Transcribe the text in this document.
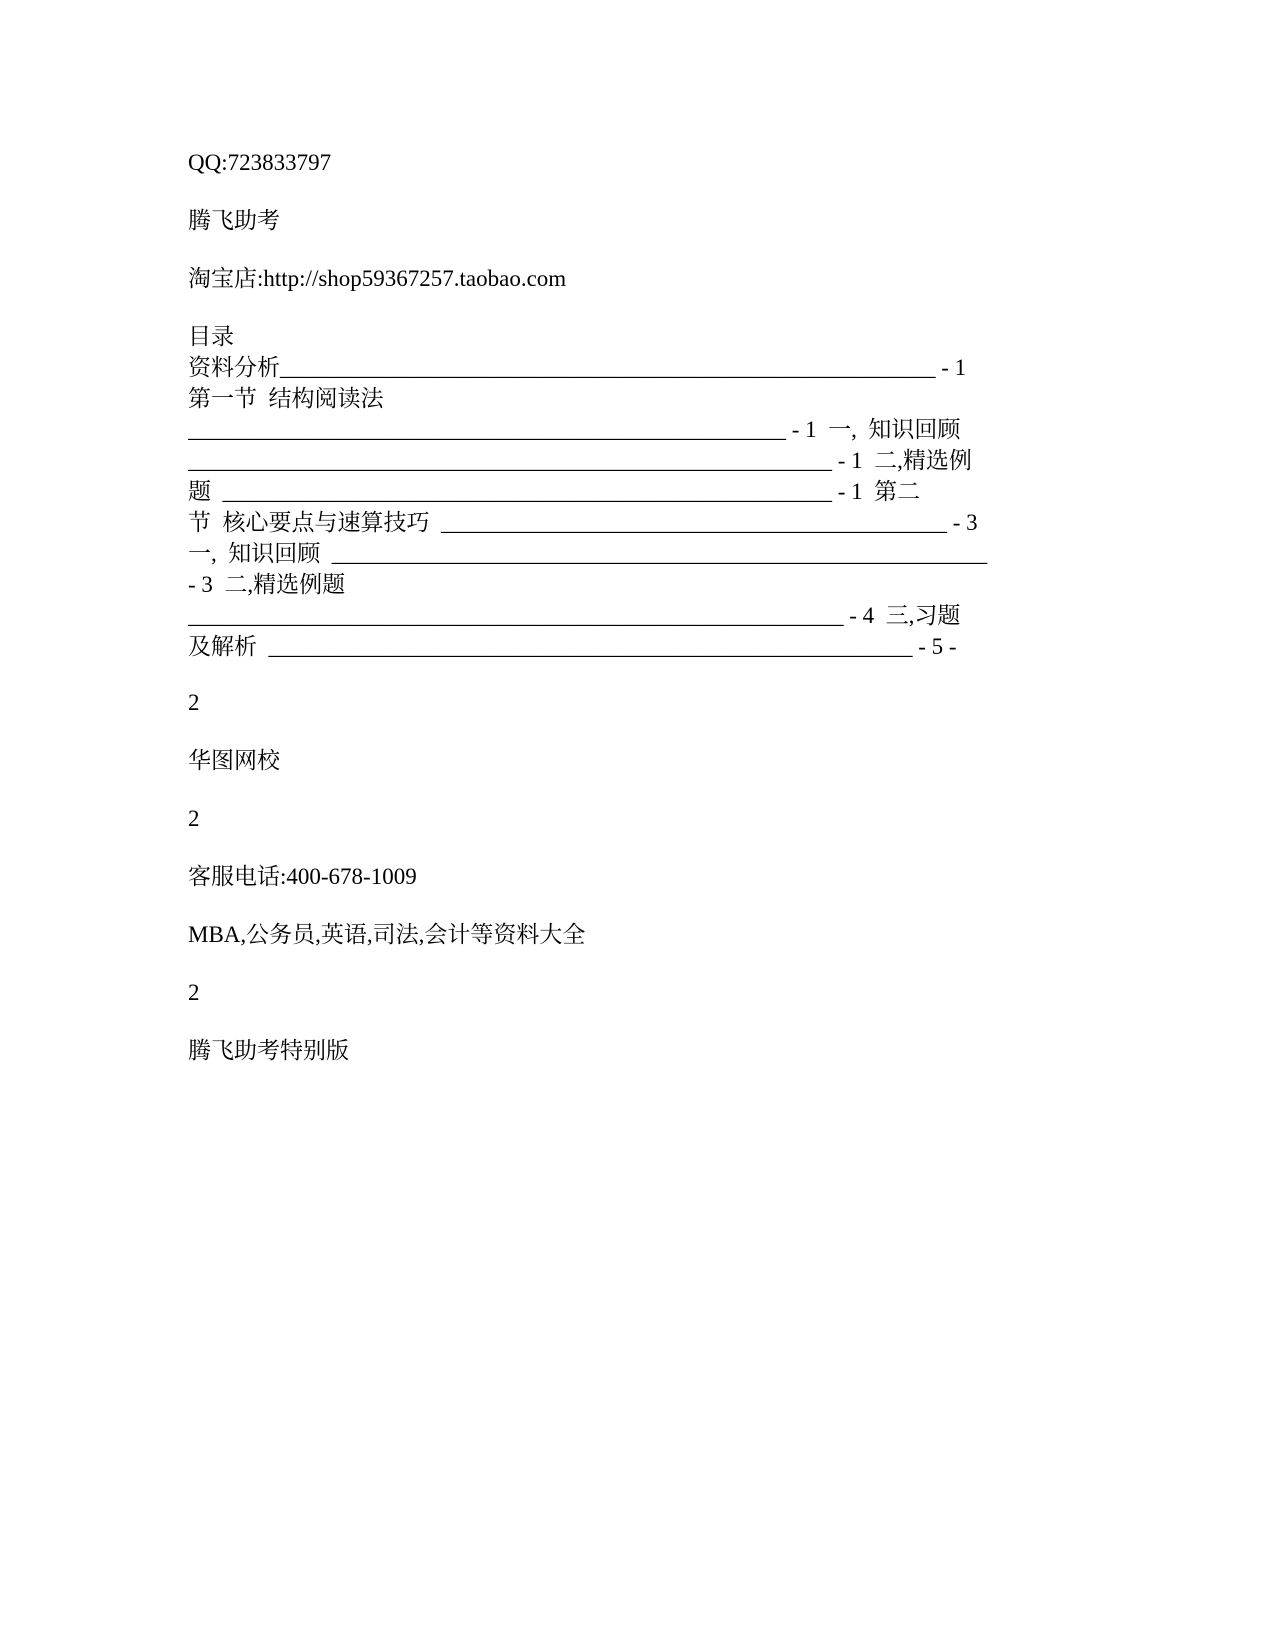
QQ:723833797
腾飞助考
淘宝店:http://shop59367257.taobao.com
目录
资料分析_________________________________________________________ - 1
第一节  结构阅读法
____________________________________________________ - 1  一,  知识回顾
________________________________________________________ - 1  二,精选例
题  _____________________________________________________ - 1  第二
节  核心要点与速算技巧  ____________________________________________ - 3
一,  知识回顾  _________________________________________________________
- 3  二,精选例题
_________________________________________________________ - 4  三,习题
及解析  ________________________________________________________ - 5 -
2
华图网校
2
客服电话:400-678-1009
MBA,公务员,英语,司法,会计等资料大全
2
腾飞助考特别版
